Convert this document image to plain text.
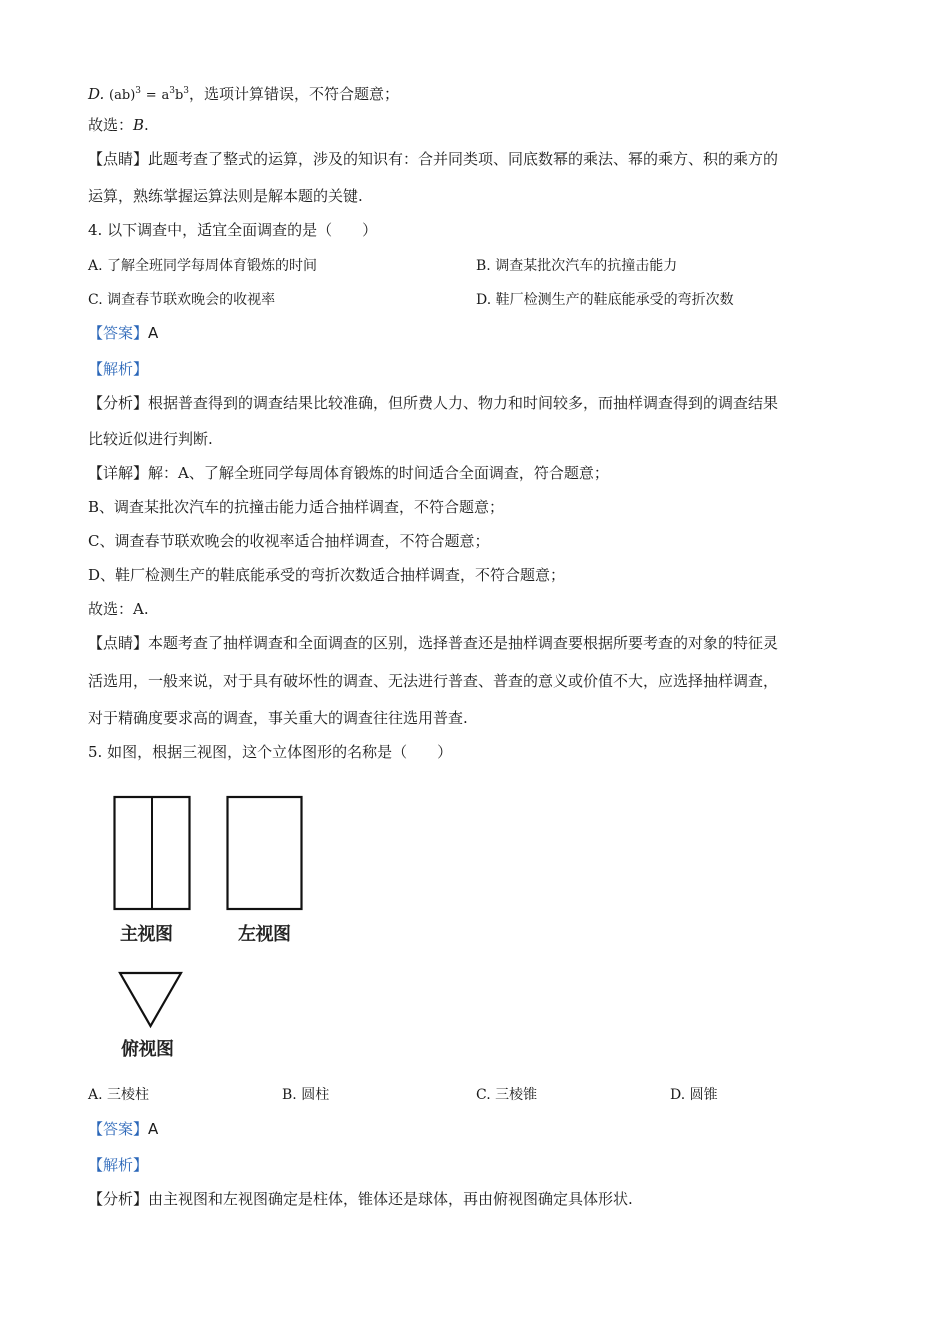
D. $(ab)^3 = a^3b^3$，选项计算错误，不符合题意；
故选：B.
【点睛】此题考查了整式的运算，涉及的知识有：合并同类项、同底数幂的乘法、幂的乘方、积的乘方的
运算，熟练掌握运算法则是解本题的关键.
4. 以下调查中，适宜全面调查的是（　　）
A. 了解全班同学每周体育锻炼的时间	B. 调查某批次汽车的抗撞击能力
C. 调查春节联欢晚会的收视率	D. 鞋厂检测生产的鞋底能承受的弯折次数
【答案】A
【解析】
【分析】根据普查得到的调查结果比较准确，但所费人力、物力和时间较多，而抽样调查得到的调查结果
比较近似进行判断.
【详解】解：A、了解全班同学每周体育锻炼的时间适合全面调查，符合题意；
B、调查某批次汽车的抗撞击能力适合抽样调查，不符合题意；
C、调查春节联欢晚会的收视率适合抽样调查，不符合题意；
D、鞋厂检测生产的鞋底能承受的弯折次数适合抽样调查，不符合题意；
故选：A.
【点睛】本题考查了抽样调查和全面调查的区别，选择普查还是抽样调查要根据所要考查的对象的特征灵
活选用，一般来说，对于具有破坏性的调查、无法进行普查、普查的意义或价值不大，应选择抽样调查，
对于精确度要求高的调查，事关重大的调查往往选用普查.
5. 如图，根据三视图，这个立体图形的名称是（　　）
主视图	左视图
俯视图
A. 三棱柱	B. 圆柱	C. 三棱锥	D. 圆锥
【答案】A
【解析】
【分析】由主视图和左视图确定是柱体，锥体还是球体，再由俯视图确定具体形状.
